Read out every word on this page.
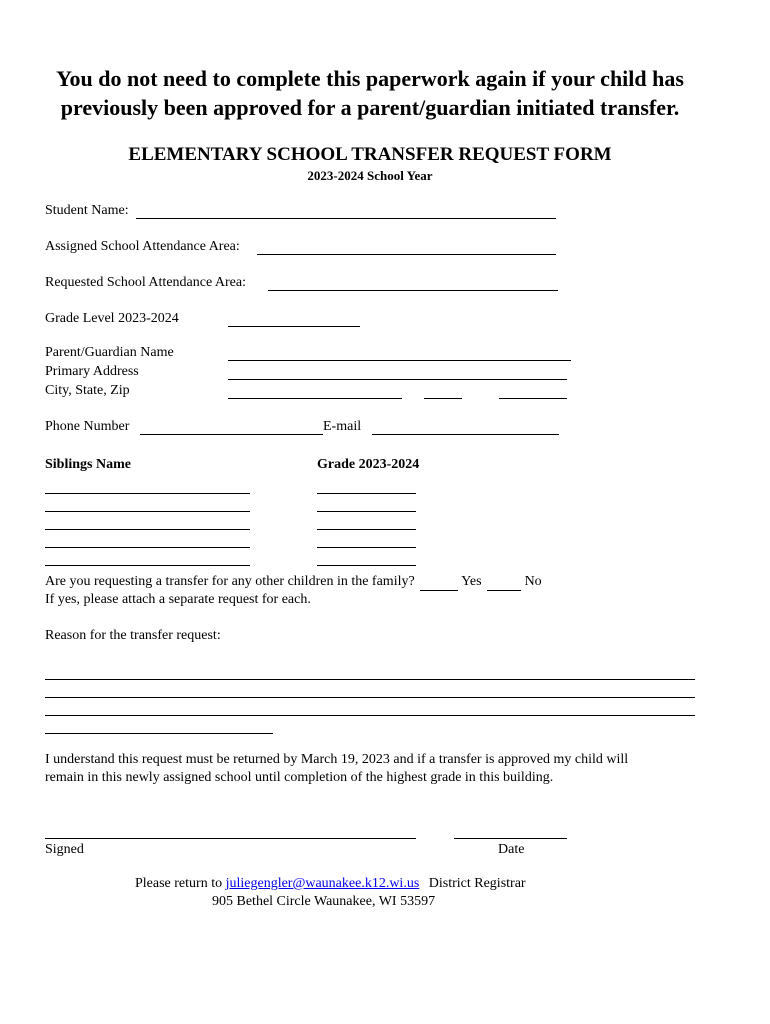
You do not need to complete this paperwork again if your child has
previously been approved for a parent/guardian initiated transfer.
ELEMENTARY SCHOOL TRANSFER REQUEST FORM
2023-2024 School Year
Student Name:
Assigned School Attendance Area:
Requested School Attendance Area:
Grade Level 2023-2024
Parent/Guardian Name
Primary Address
City, State, Zip
Phone Number	E-mail
Siblings Name	Grade 2023-2024
Are you requesting a transfer for any other children in the family?	Yes	No
If yes, please attach a separate request for each.
Reason for the transfer request:
I understand this request must be returned by March 19, 2023 and if a transfer is approved my child will
remain in this newly assigned school until completion of the highest grade in this building.
Signed	Date
Please return to juliegengler@waunakee.k12.wi.us District Registrar
905 Bethel Circle Waunakee, WI 53597
